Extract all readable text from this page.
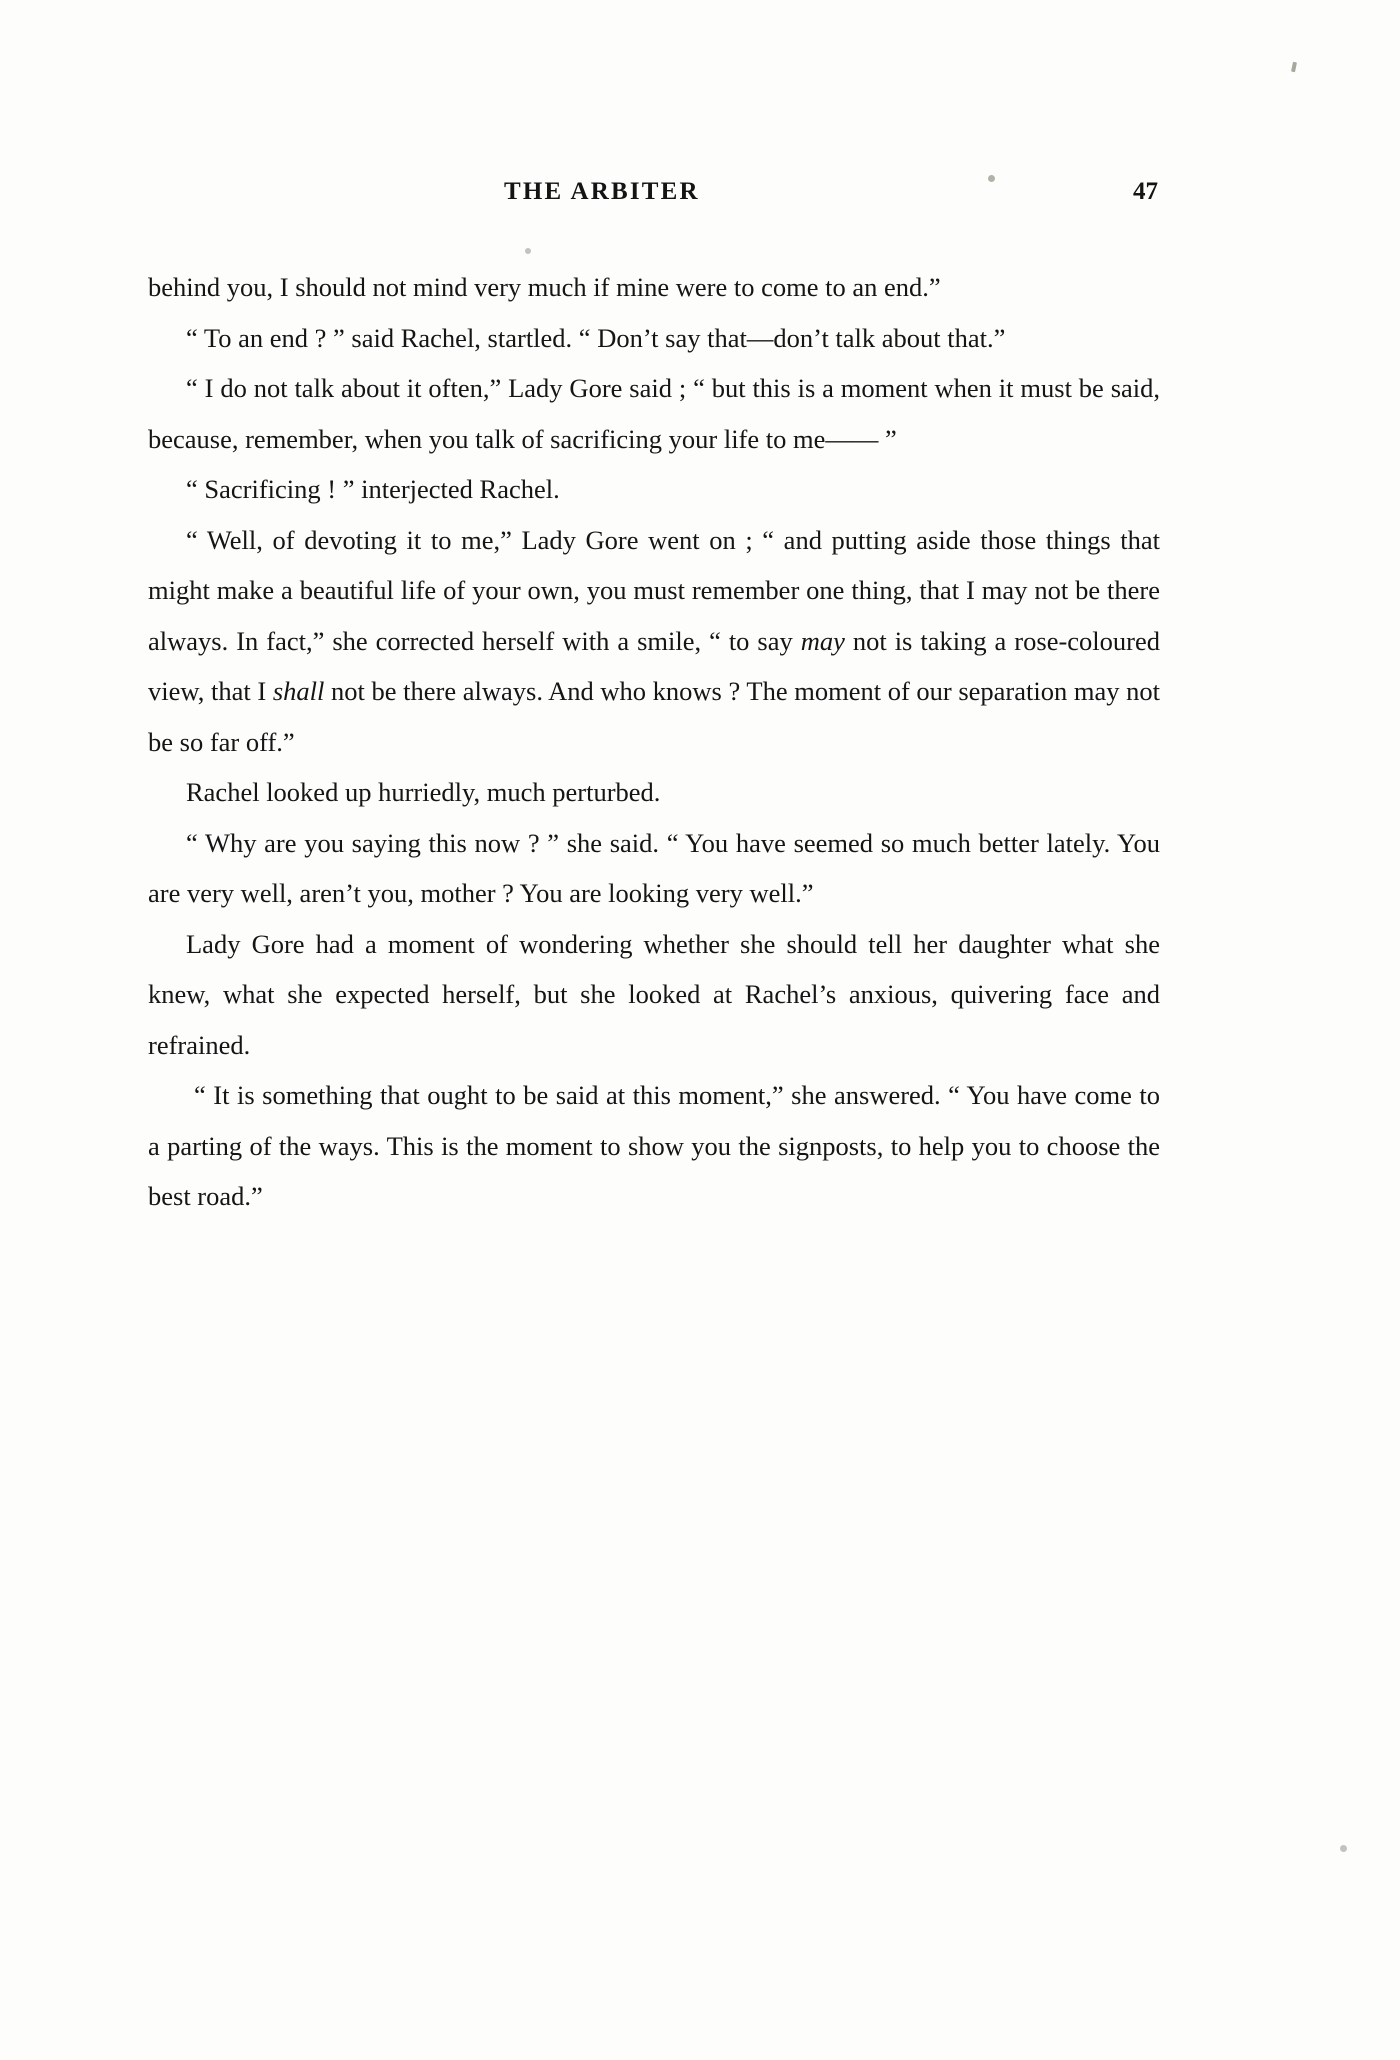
THE ARBITER	47

behind you, I should not mind very much if mine were to come to an end.”

“ To an end ? ” said Rachel, startled. “ Don’t say that—don’t talk about that.”

“ I do not talk about it often,” Lady Gore said ; “ but this is a moment when it must be said, because, remember, when you talk of sacrificing your life to me—— ”

“ Sacrificing ! ” interjected Rachel.

“ Well, of devoting it to me,” Lady Gore went on ; “ and putting aside those things that might make a beautiful life of your own, you must remember one thing, that I may not be there always. In fact,” she corrected herself with a smile, “ to say may not is taking a rose-coloured view, that I shall not be there always. And who knows ? The moment of our separation may not be so far off.”

Rachel looked up hurriedly, much perturbed.

“ Why are you saying this now ? ” she said. “ You have seemed so much better lately. You are very well, aren’t you, mother ? You are looking very well.”

Lady Gore had a moment of wondering whether she should tell her daughter what she knew, what she expected herself, but she looked at Rachel’s anxious, quivering face and refrained.

“ It is something that ought to be said at this moment,” she answered. “ You have come to a parting of the ways. This is the moment to show you the signposts, to help you to choose the best road.”
